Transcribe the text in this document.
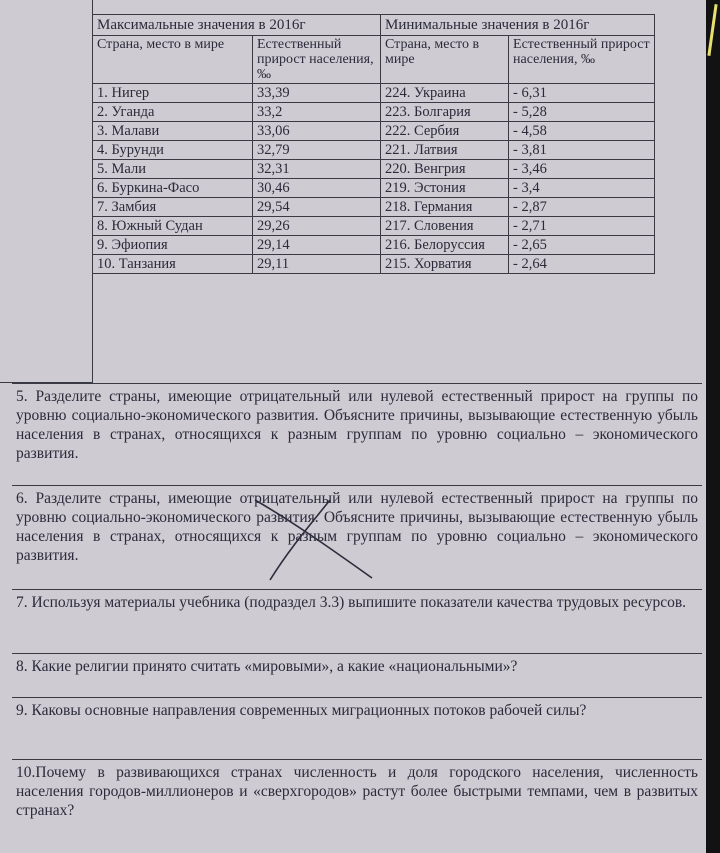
Максимальные значения в 2016г		Минимальные значения в 2016г	
Страна, место в мире	Естественный прирост населения, ‰	Страна, место в мире	Естественный прирост населения, ‰
1. Нигер	33,39	224. Украина	- 6,31
2. Уганда	33,2	223. Болгария	- 5,28
3. Малави	33,06	222. Сербия	- 4,58
4. Бурунди	32,79	221. Латвия	- 3,81
5. Мали	32,31	220. Венгрия	- 3,46
6. Буркина-Фасо	30,46	219. Эстония	- 3,4
7. Замбия	29,54	218. Германия	- 2,87
8. Южный Судан	29,26	217. Словения	- 2,71
9. Эфиопия	29,14	216. Белоруссия	- 2,65
10. Танзания	29,11	215. Хорватия	- 2,64
5. Разделите страны, имеющие отрицательный или нулевой естественный прирост на группы по уровню социально-экономического развития. Объясните причины, вызывающие естественную убыль населения в странах, относящихся к разным группам по уровню социально – экономического развития.
6. Разделите страны, имеющие отрицательный или нулевой естественный прирост на группы по уровню социально-экономического развития. Объясните причины, вызывающие естественную убыль населения в странах, относящихся к разным группам по уровню социально – экономического развития.
7. Используя материалы учебника (подраздел 3.3) выпишите показатели качества трудовых ресурсов.
8. Какие религии принято считать «мировыми», а какие «национальными»?
9. Каковы основные направления современных миграционных потоков рабочей силы?
10.Почему в развивающихся странах численность и доля городского населения, численность населения городов-миллионеров и «сверхгородов» растут более быстрыми темпами, чем в развитых странах?
